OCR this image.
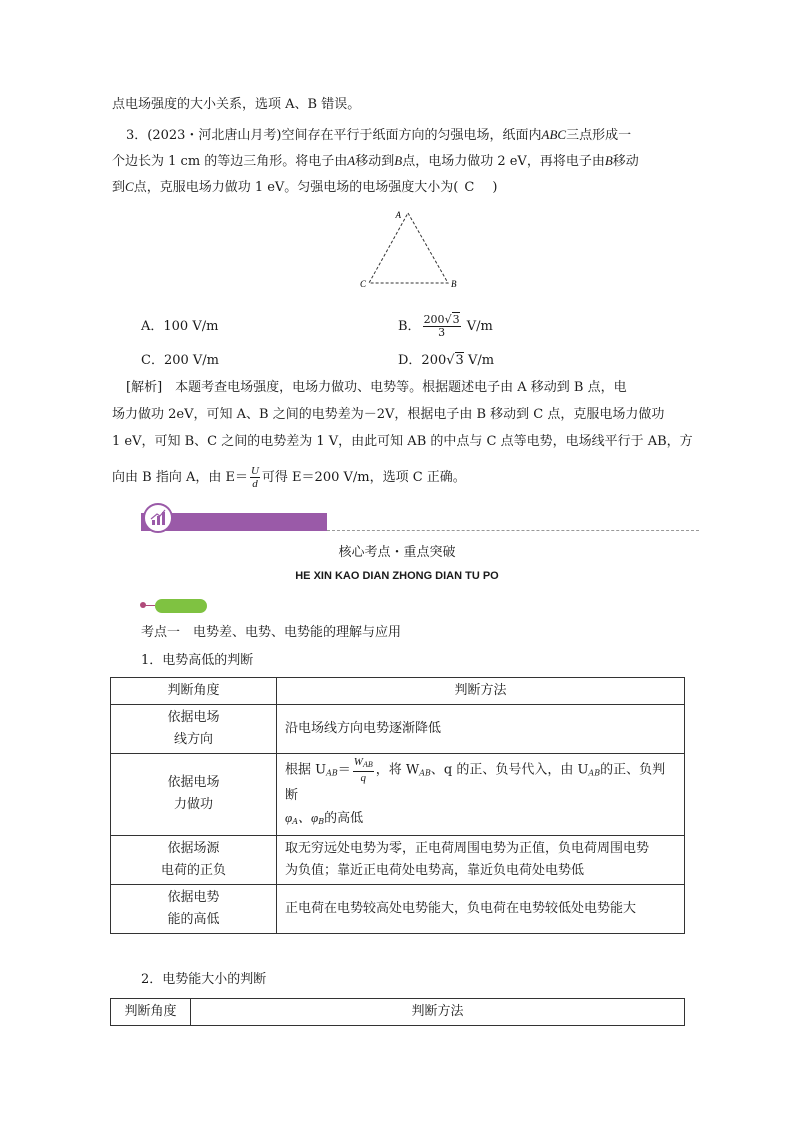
点电场强度的大小关系，选项 A、B 错误。
3．(2023・河北唐山月考)空间存在平行于纸面方向的匀强电场，纸面内ABC三点形成一
个边长为 1 cm 的等边三角形。将电子由A移动到B点，电场力做功 2 eV，再将电子由B移动
到C点，克服电场力做功 1 eV。匀强电场的电场强度大小为( C )
A
B
C
A．100 V/m	B． $\frac{200√3}{3} V/m$
C．200 V/m	D．200√3 V/m
[解析]　本题考查电场强度，电场力做功、电势等。根据题述电子由 A 移动到 B 点，电
场力做功 2eV，可知 A、B 之间的电势差为－2V，根据电子由 B 移动到 C 点，克服电场力做功
1 eV，可知 B、C 之间的电势差为 1 V，由此可知 AB 的中点与 C 点等电势，电场线平行于 AB，方
向由 B 指向 A，由 $E= \frac{U}{d}$ 可得 E＝200 V/m，选项 C 正确。
核心考点・重点突破
HE XIN KAO DIAN ZHONG DIAN TU PO
考点一　电势差、电势、电势能的理解与应用
1．电势高低的判断
判断角度	判断方法
依据电场
线方向	沿电场线方向电势逐渐降低
依据电场
力做功	根据 $U_{AB}= \frac{W_{AB}}{q}$ ，将 $W_{AB}$、q 的正、负号代入，由 $U_{AB}$的正、负判断
$\varphi_A$、$\varphi_B$的高低
依据场源
电荷的正负	取无穷远处电势为零，正电荷周围电势为正值，负电荷周围电势
为负值；靠近正电荷处电势高，靠近负电荷处电势低
依据电势
能的高低	正电荷在电势较高处电势能大，负电荷在电势较低处电势能大
2．电势能大小的判断
判断角度	判断方法
